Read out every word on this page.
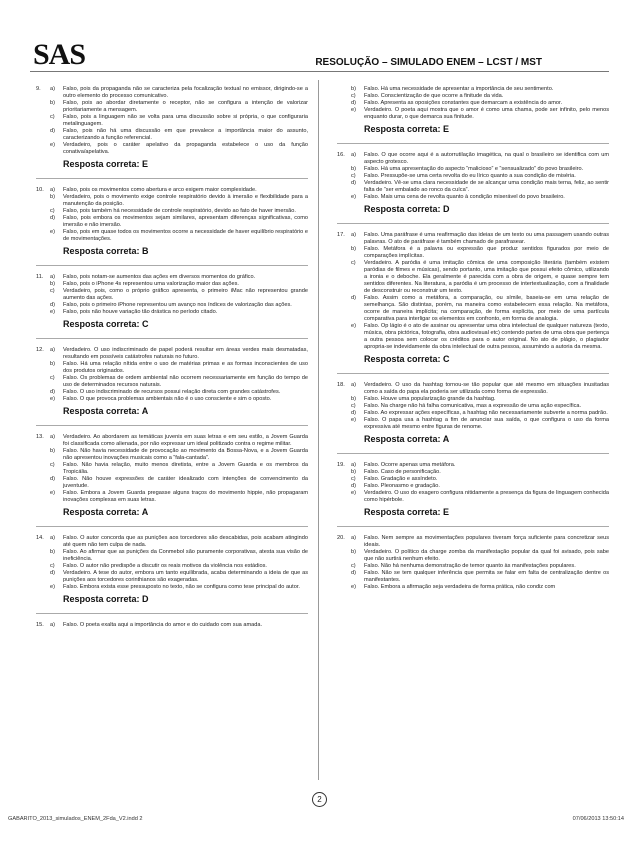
SAS	RESOLUÇÃO – SIMULADO ENEM – LCST / MST
9.	a)	Falso, pois da propaganda não se caracteriza pela focalização textual no emissor, dirigindo-se a outro elemento do processo comunicativo.
b)	Falso, pois ao abordar diretamente o receptor, não se configura a intenção de valorizar prioritariamente a mensagem.
c)	Falso, pois a linguagem não se volta para uma discussão sobre si própria, o que configuraria metalinguagem.
d)	Falso, pois não há uma discussão em que prevalece a importância maior do assunto, caracterizando a função referencial.
e)	Verdadeiro, pois o caráter apelativo da propaganda estabelece o uso da função conativa/apelativa.
Resposta correta: E
10.	a)	Falso, pois os movimentos como abertura e arco exigem maior complexidade.
b)	Verdadeiro, pois o movimento exige controle respiratório devido à imersão e flexibilidade para a manutenção da posição.
c)	Falso, pois também há necessidade de controle respiratório, devido ao fato de haver imersão.
d)	Falso, pois embora os movimentos sejam similares, apresentam diferenças significativas, como imersão e não imersão.
e)	Falso, pois em quase todos os movimentos ocorre a necessidade de haver equilíbrio respiratório e de movimentações.
Resposta correta: B
11.	a)	Falso, pois notam-se aumentos das ações em diversos momentos do gráfico.
b)	Falso, pois o iPhone 4s representou uma valorização maior das ações.
c)	Verdadeiro, pois, como o próprio gráfico apresenta, o primeiro iMac não representou grande aumento das ações.
d)	Falso, pois o primeiro iPhone representou um avanço nos índices de valorização das ações.
e)	Falso, pois não houve variação tão drástica no período citado.
Resposta correta: C
12.	a)	Verdadeiro. O uso indiscriminado de papel poderá resultar em áreas verdes mais desmatadas, resultando em possíveis catástrofes naturais no futuro.
b)	Falso. Há uma relação nítida entre o uso de matérias primas e as formas inconscientes de uso dos produtos originados.
c)	Falso. Os problemas de ordem ambiental não ocorrem necessariamente em função do tempo de uso de determinados recursos naturais.
d)	Falso. O uso indiscriminado de recursos possui relação direta com grandes catástrofes.
e)	Falso. O que provoca problemas ambientais não é o uso consciente e sim o oposto.
Resposta correta: A
13.	a)	Verdadeiro. Ao abordarem as temáticas juvenis em suas letras e em seu estilo, a Jovem Guarda foi classificada como alienada, por não expressar um ideal politizado contra o regime militar.
b)	Falso. Não havia necessidade de provocação ao movimento da Bossa-Nova, e a Jovem Guarda não apresentou inovações musicais como a “fala-cantada”.
c)	Falso. Não havia relação, muito menos diretista, entre a Jovem Guarda e os membros da Tropicália.
d)	Falso. Não houve expressões de caráter idealizado com intenções de convencimento da juventude.
e)	Falso. Embora a Jovem Guarda pregasse alguns traços do movimento hippie, não propagaram inovações complexas em suas letras.
Resposta correta: A
14.	a)	Falso. O autor concorda que as punições aos torcedores são descabidas, pois acabam atingindo até quem não tem culpa de nada.
b)	Falso. Ao afirmar que as punições da Conmebol são puramente corporativas, atesta sua visão de ineficiência.
c)	Falso. O autor não predispõe a discutir os reais motivos da violência nos estádios.
d)	Verdadeiro. A tese do autor, embora um tanto equilibrada, acaba determinando a ideia de que as punições aos torcedores corinthianos são exageradas.
e)	Falso. Embora exista esse pressuposto no texto, não se configura como tese principal do autor.
Resposta correta: D
15.	a)	Falso. O poeta exalta aqui a importância do amor e do cuidado com sua amada.
b)	Falso. Há uma necessidade de apresentar a importância de seu sentimento.
c)	Falso. Conscientização de que ocorre a finitude da vida.
d)	Falso. Apresenta as oposições constantes que demarcam a existência do amor.
e)	Verdadeiro. O poeta aqui mostra que o amor é como uma chama, pode ser infinito, pelo menos enquanto durar, o que demarca sua finitude.
Resposta correta: E
16.	a)	Falso. O que ocorre aqui é a autorrutilação imagética, na qual o brasileiro se identifica com um aspecto grotesco.
b)	Falso. Há uma apresentação do aspecto “malicioso” e “sensualizado” do povo brasileiro.
c)	Falso. Pressupõe-se uma certa revolta do eu lírico quanto a sua condição de miséria.
d)	Verdadeiro. Vê-se uma clara necessidade de se alcançar uma condição mais terna, feliz, ao sentir falta de “ser embalado ao ronco da cuíca”.
e)	Falso. Mais uma cena de revolta quanto à condição miserável do povo brasileiro.
Resposta correta: D
17.	a)	Falso. Uma paráfrase é uma reafirmação das ideias de um texto ou uma passagem usando outras palavras. O ato de paráfrase é também chamado de parafrasear.
b)	Falso. Metáfora é a palavra ou expressão que produz sentidos figurados por meio de comparações implícitas.
c)	Verdadeiro. A paródia é uma imitação cômica de uma composição literária (também existem paródias de filmes e músicas), sendo portanto, uma imitação que possui efeito cômico, utilizando a ironia e o deboche. Ela geralmente é parecida com a obra de origem, e quase sempre tem sentidos diferentes. Na literatura, a paródia é um processo de intertextualização, com a finalidade de desconstruir ou reconstruir um texto.
d)	Falso. Assim como a metáfora, a comparação, ou símile, baseia-se em uma relação de semelhança. São distintas, porém, na maneira como estabelecem essa relação. Na metáfora, ocorre de maneira implícita; na comparação, de forma explícita, por meio de uma partícula comparativa para interligar os elementos em confronto, em forma de analogia.
e)	Falso. Op lágio é o ato de assinar ou apresentar uma obra intelectual de qualquer natureza (texto, música, obra pictórica, fotografia, obra audiovisual etc) contendo partes de uma obra que pertença a outra pessoa sem colocar os créditos para o autor original. No ato de plágio, o plagiador apropria-se indevidamente da obra intelectual de outra pessoa, assumindo a autoria da mesma.
Resposta correta: C
18.	a)	Verdadeiro. O uso da hashtag tornou-se tão popular que até mesmo em situações inusitadas como a saída do papa ela poderia ser utilizada como forma de expressão.
b)	Falso. Houve uma popularização grande da hashtag.
c)	Falso. Na charge não há falha comunicativa, mas a expressão de uma ação específica.
d)	Falso. Ao expressar ações específicas, a hashtag não necessariamente subverte a norma padrão.
e)	Falso. O papa usa a hashtag a fim de anunciar sua saída, o que configura o uso da forma expressiva até mesmo entre figuras de renome.
Resposta correta: A
19.	a)	Falso. Ocorre apenas uma metáfora.
b)	Falso. Caso de personificação.
c)	Falso. Gradação e assíndeto.
d)	Falso. Pleonasmo e gradação.
e)	Verdadeiro. O uso do exagero configura nitidamente a presença da figura de linguagem conhecida como hipérbole.
Resposta correta: E
20.	a)	Falso. Nem sempre as movimentações populares tiveram força suficiente para concretizar seus ideais.
b)	Verdadeiro. O político da charge zomba da manifestação popular da qual foi avisado, pois sabe que não surtirá nenhum efeito.
c)	Falso. Não há nenhuma demonstração de temor quanto às manifestações populares.
d)	Falso. Não se tem qualquer inferência que permita se falar em falta de centralização dentre os manifestantes.
e)	Falso. Embora a afirmação seja verdadeira de forma prática, não condiz com
2
GABARITO_2013_simulados_ENEM_2Fda_V2.indd 2	07/06/2013 13:50:14
